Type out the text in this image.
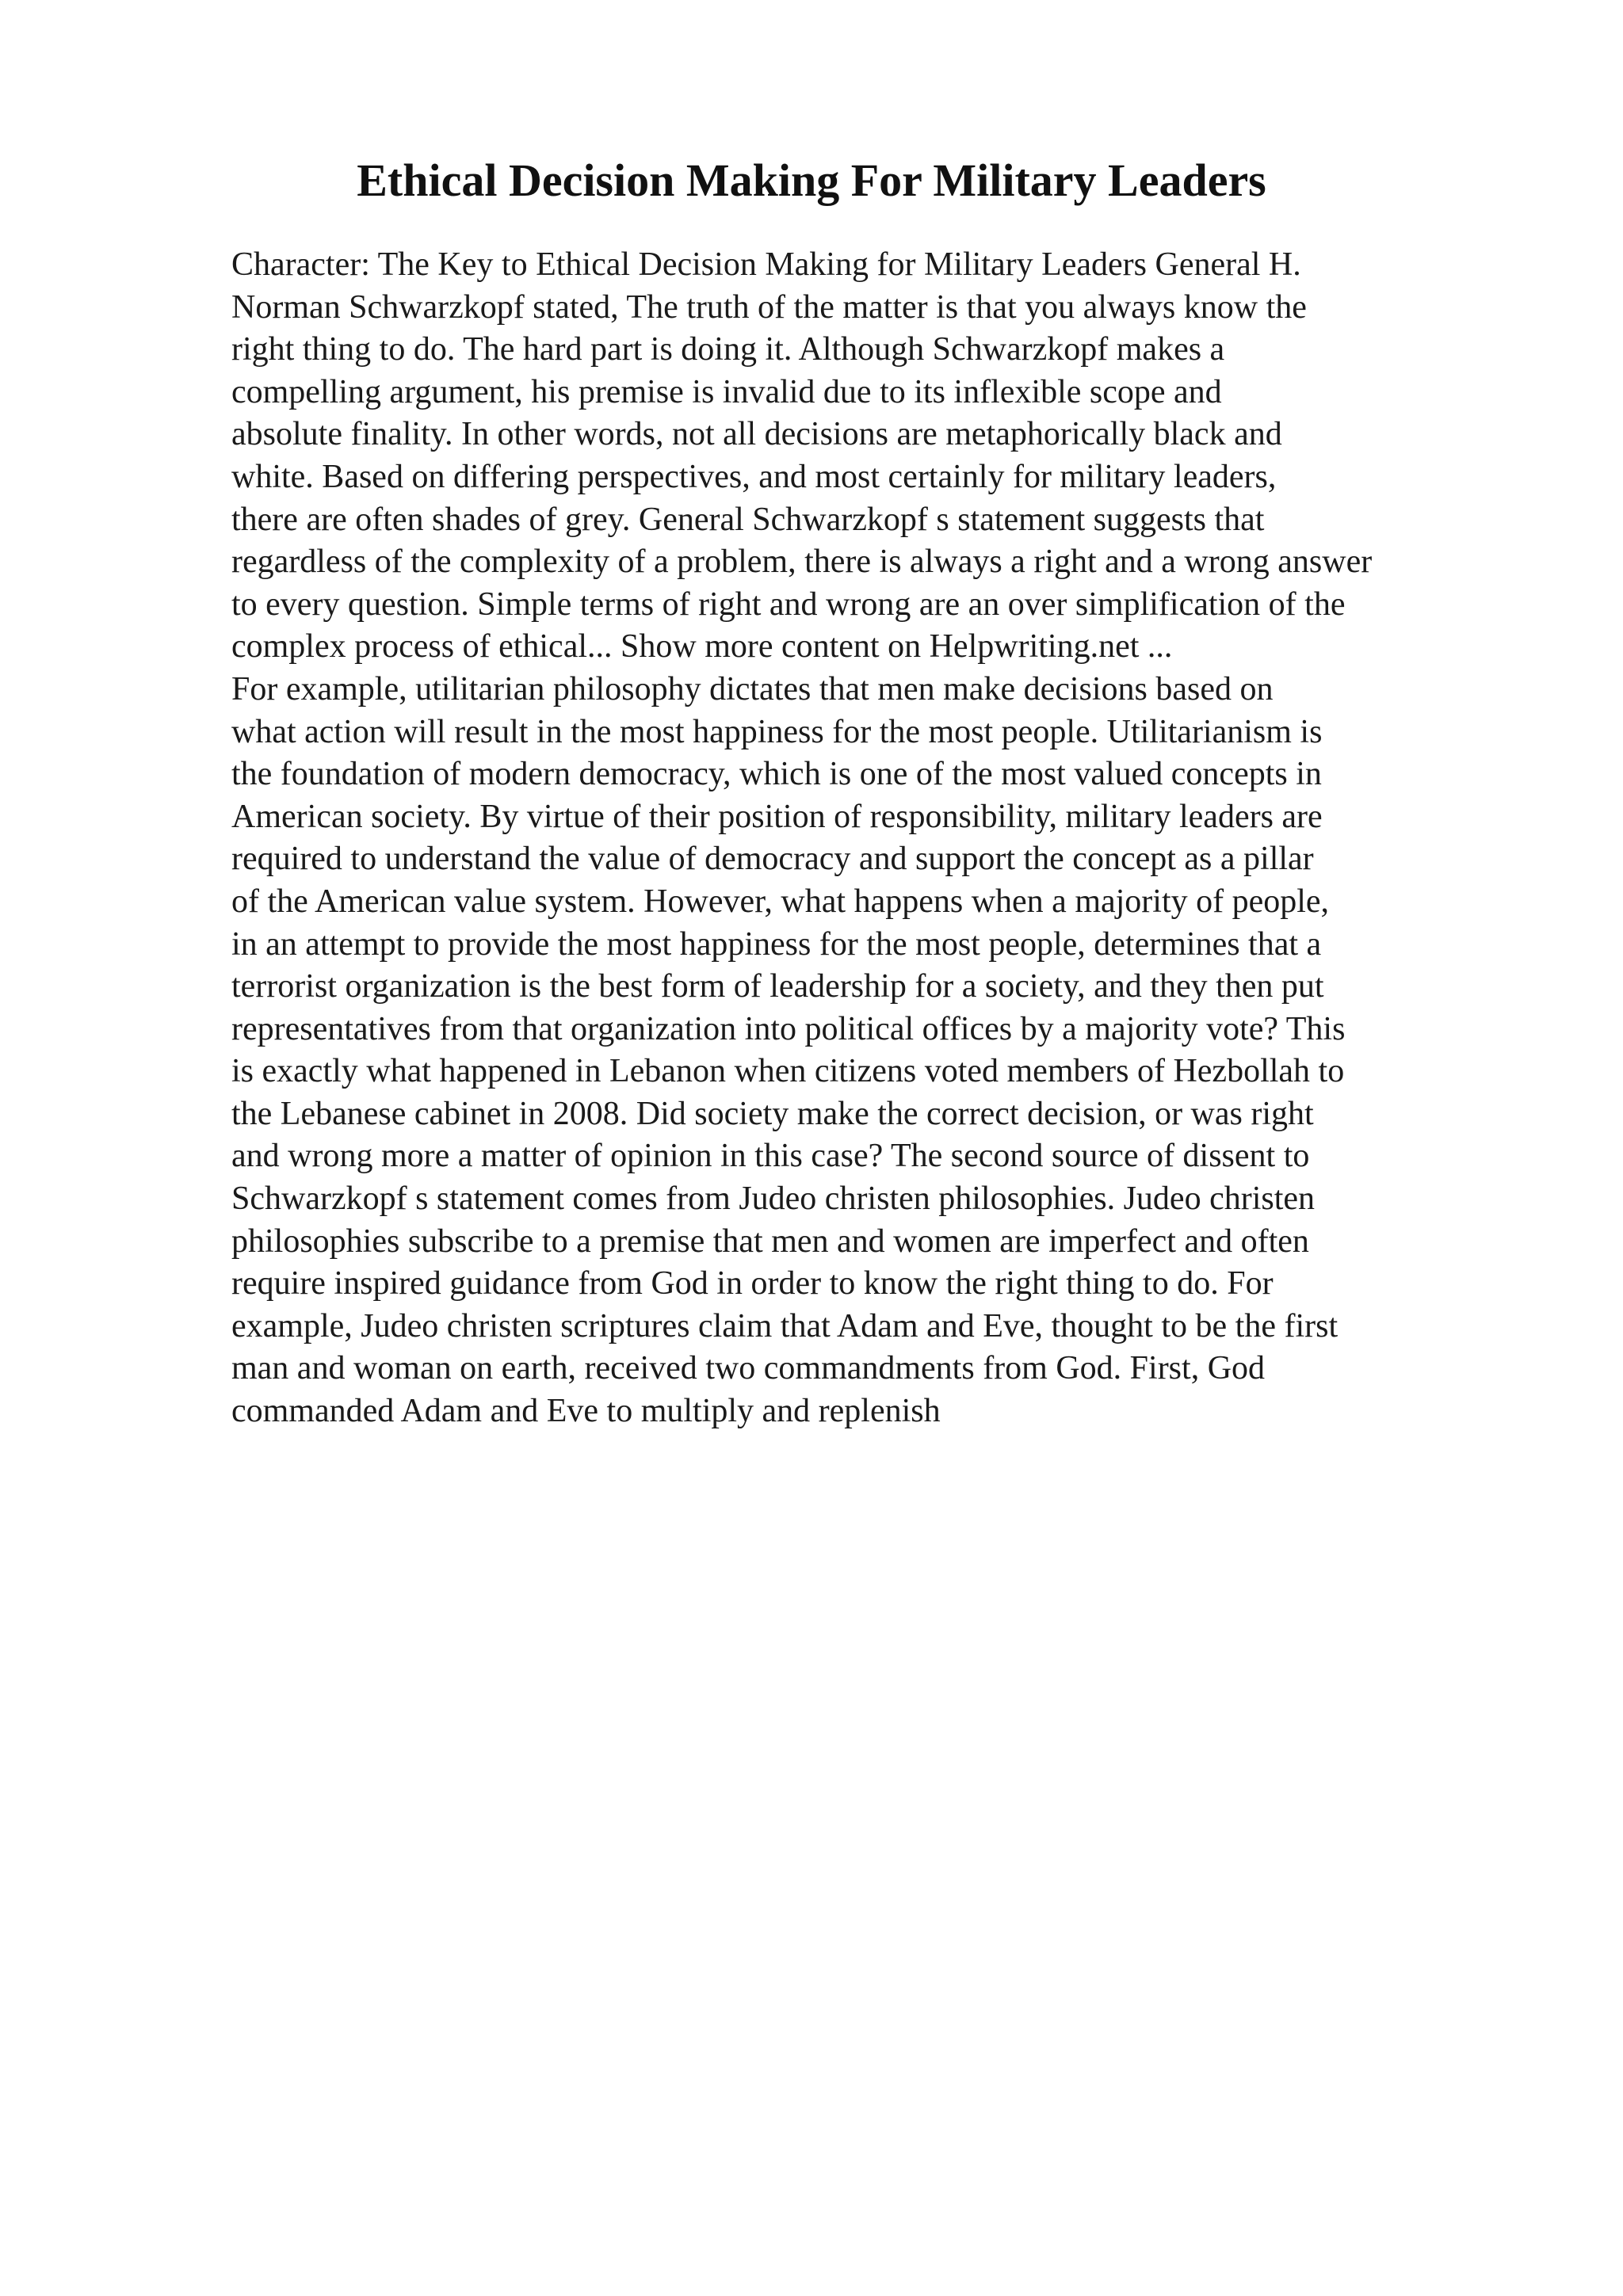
Ethical Decision Making For Military Leaders
Character: The Key to Ethical Decision Making for Military Leaders General H.
Norman Schwarzkopf stated, The truth of the matter is that you always know the
right thing to do. The hard part is doing it. Although Schwarzkopf makes a
compelling argument, his premise is invalid due to its inflexible scope and
absolute finality. In other words, not all decisions are metaphorically black and
white. Based on differing perspectives, and most certainly for military leaders,
there are often shades of grey. General Schwarzkopf s statement suggests that
regardless of the complexity of a problem, there is always a right and a wrong answer
to every question. Simple terms of right and wrong are an over simplification of the
complex process of ethical... Show more content on Helpwriting.net ...
For example, utilitarian philosophy dictates that men make decisions based on
what action will result in the most happiness for the most people. Utilitarianism is
the foundation of modern democracy, which is one of the most valued concepts in
American society. By virtue of their position of responsibility, military leaders are
required to understand the value of democracy and support the concept as a pillar
of the American value system. However, what happens when a majority of people,
in an attempt to provide the most happiness for the most people, determines that a
terrorist organization is the best form of leadership for a society, and they then put
representatives from that organization into political offices by a majority vote? This
is exactly what happened in Lebanon when citizens voted members of Hezbollah to
the Lebanese cabinet in 2008. Did society make the correct decision, or was right
and wrong more a matter of opinion in this case? The second source of dissent to
Schwarzkopf s statement comes from Judeo christen philosophies. Judeo christen
philosophies subscribe to a premise that men and women are imperfect and often
require inspired guidance from God in order to know the right thing to do. For
example, Judeo christen scriptures claim that Adam and Eve, thought to be the first
man and woman on earth, received two commandments from God. First, God
commanded Adam and Eve to multiply and replenish
